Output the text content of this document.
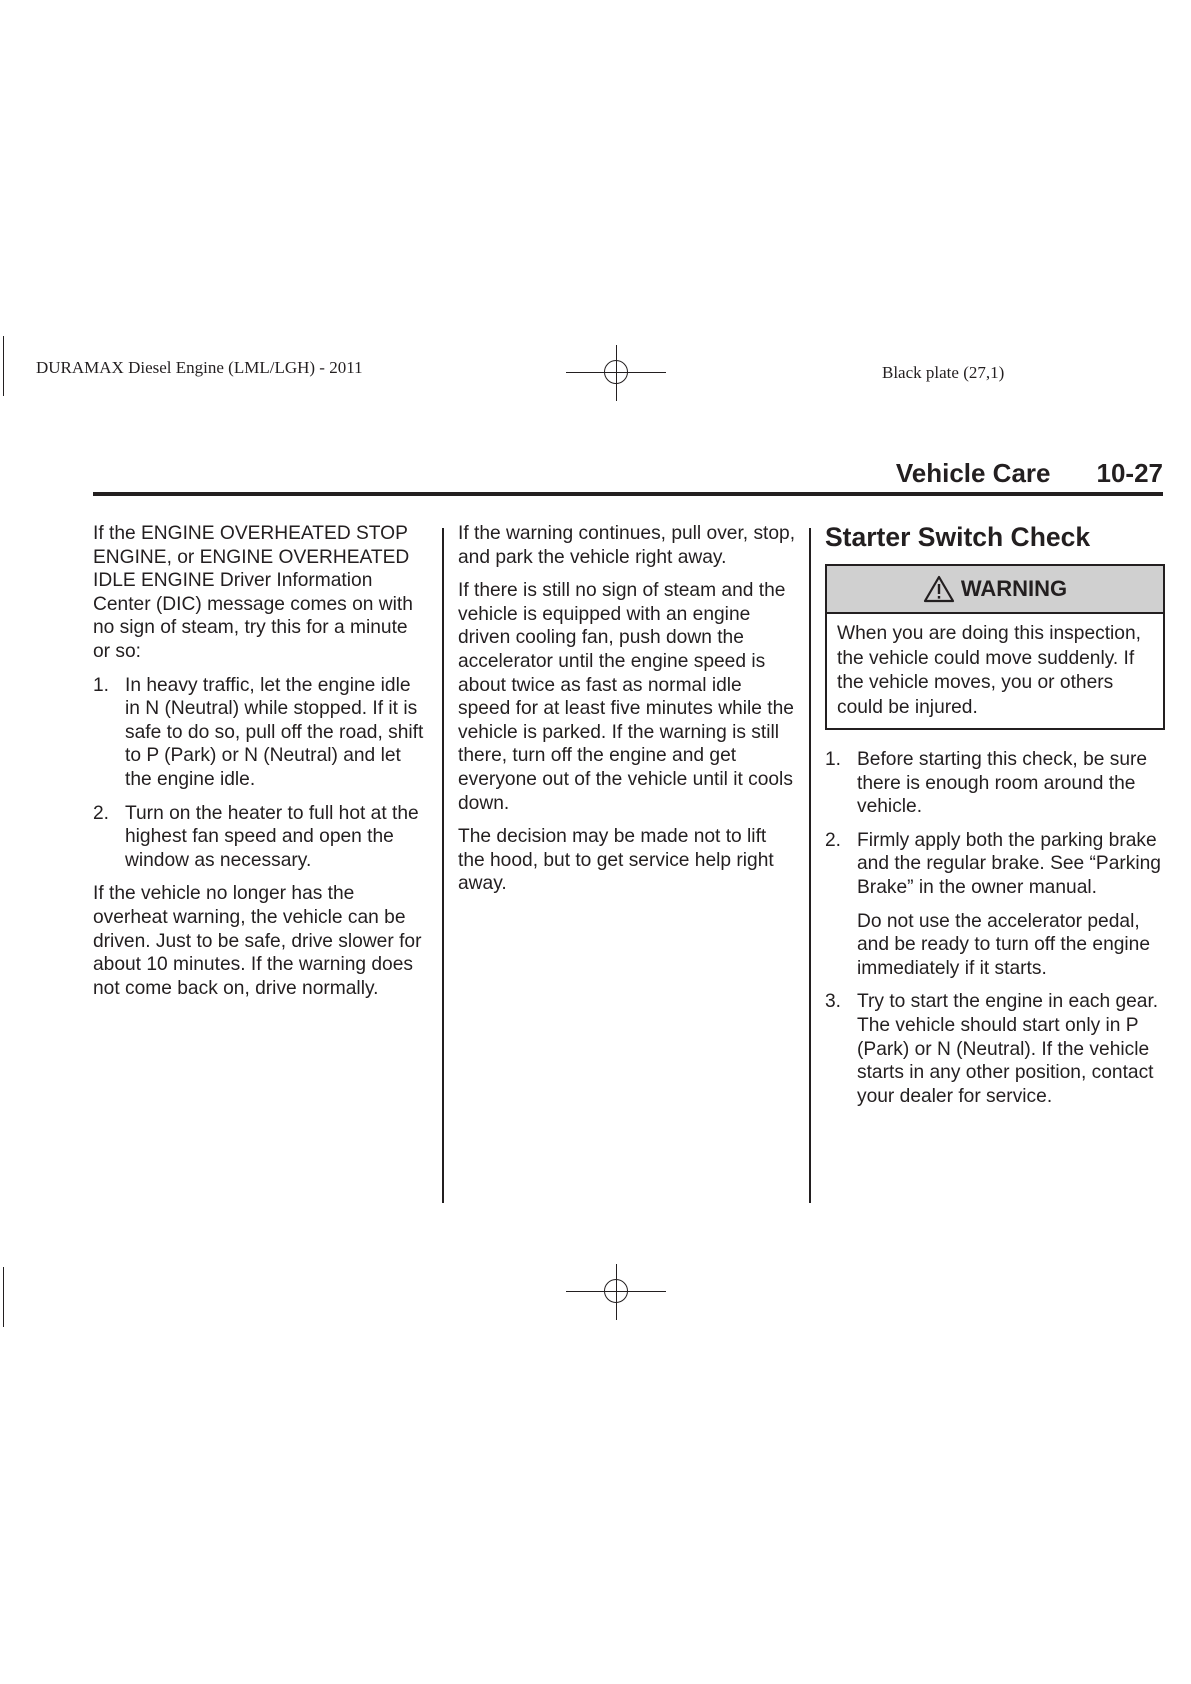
DURAMAX Diesel Engine (LML/LGH) - 2011	Black plate (27,1)
Vehicle Care 10-27

If the ENGINE OVERHEATED STOP ENGINE, or ENGINE OVERHEATED IDLE ENGINE Driver Information Center (DIC) message comes on with no sign of steam, try this for a minute or so:

1. In heavy traffic, let the engine idle in N (Neutral) while stopped. If it is safe to do so, pull off the road, shift to P (Park) or N (Neutral) and let the engine idle.
2. Turn on the heater to full hot at the highest fan speed and open the window as necessary.

If the vehicle no longer has the overheat warning, the vehicle can be driven. Just to be safe, drive slower for about 10 minutes. If the warning does not come back on, drive normally.

If the warning continues, pull over, stop, and park the vehicle right away.

If there is still no sign of steam and the vehicle is equipped with an engine driven cooling fan, push down the accelerator until the engine speed is about twice as fast as normal idle speed for at least five minutes while the vehicle is parked. If the warning is still there, turn off the engine and get everyone out of the vehicle until it cools down.

The decision may be made not to lift the hood, but to get service help right away.

Starter Switch Check
WARNING
When you are doing this inspection, the vehicle could move suddenly. If the vehicle moves, you or others could be injured.
1. Before starting this check, be sure there is enough room around the vehicle.
2. Firmly apply both the parking brake and the regular brake. See “Parking Brake” in the owner manual.
Do not use the accelerator pedal, and be ready to turn off the engine immediately if it starts.
3. Try to start the engine in each gear. The vehicle should start only in P (Park) or N (Neutral). If the vehicle starts in any other position, contact your dealer for service.
